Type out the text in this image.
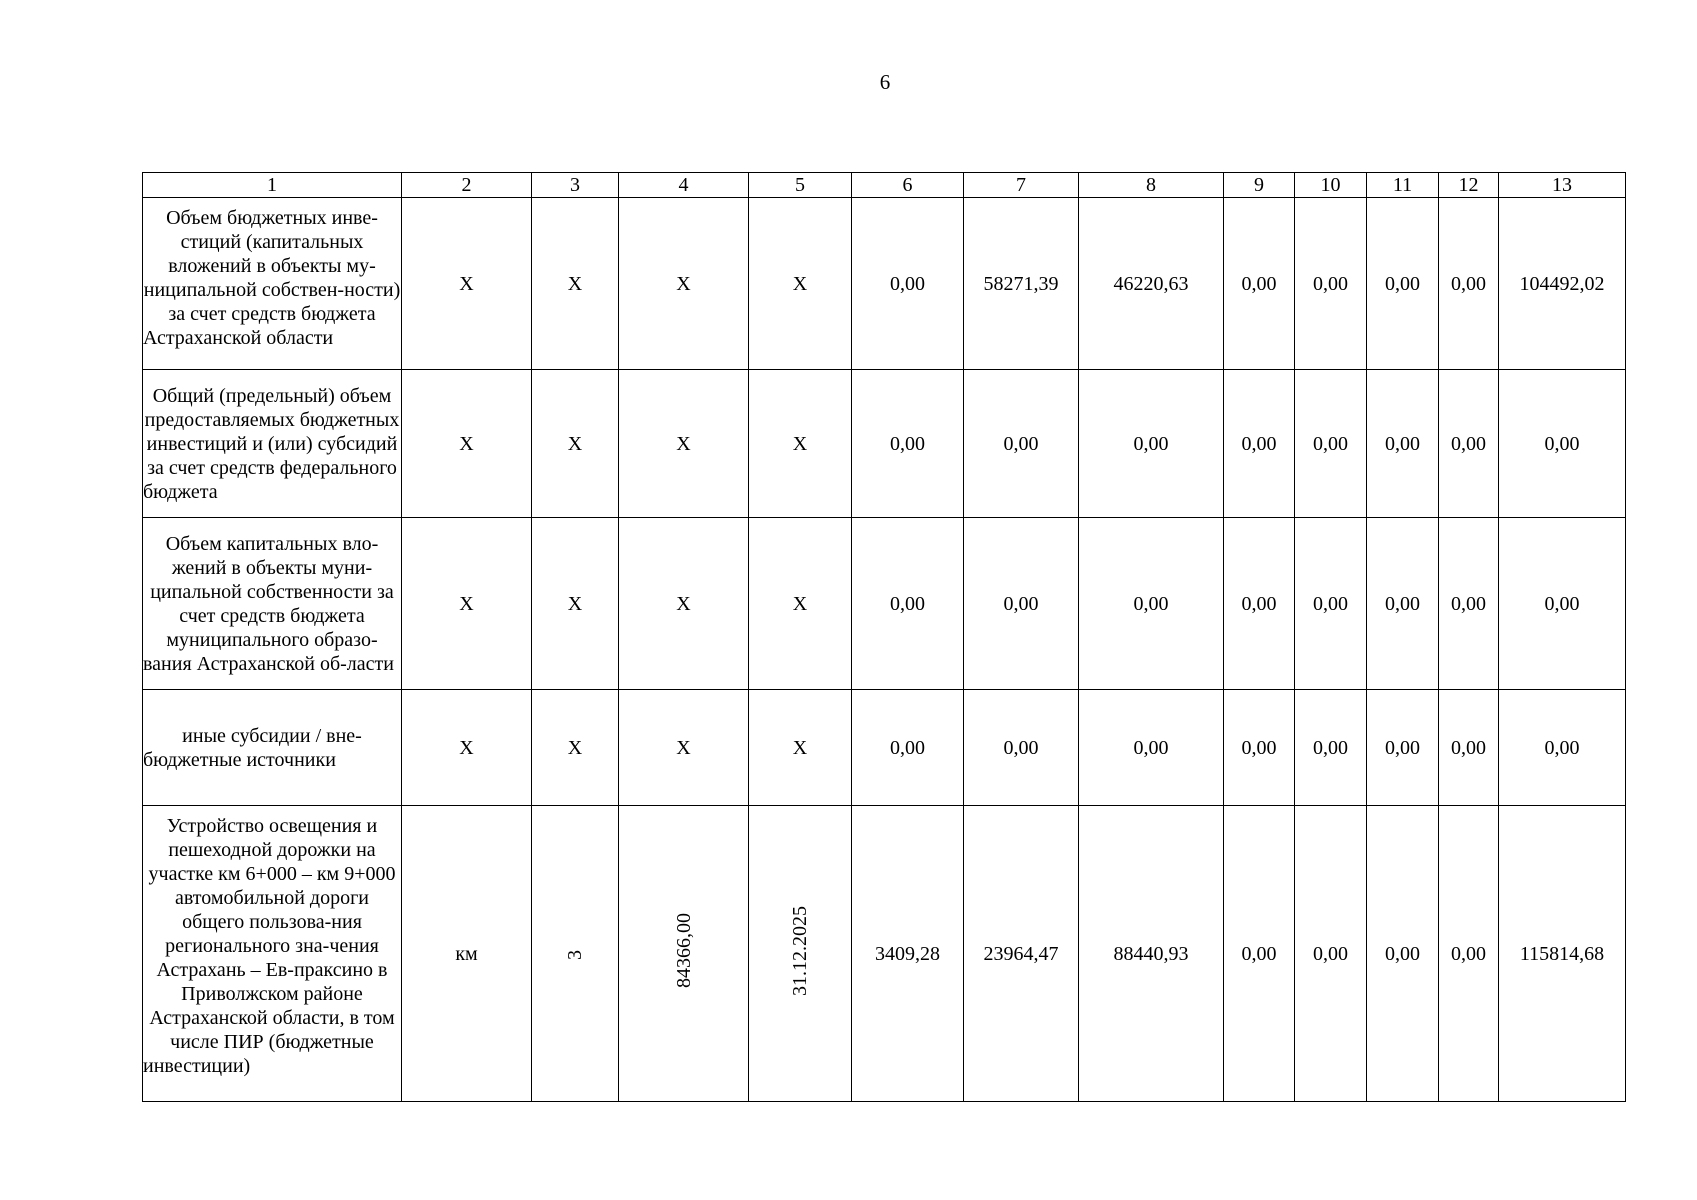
6
1	2	3	4	5	6	7	8	9	10	11	12	13

Объем бюджетных инве-стиций (капитальных вложений в объекты му-ниципальной собствен-ности) за счет средств бюджета Астраханской области	X	X	X	X	0,00	58271,39	46220,63	0,00	0,00	0,00	0,00	104492,02

Общий (предельный) объем предоставляемых бюджетных инвестиций и (или) субсидий за счет средств федерального бюджета	X	X	X	X	0,00	0,00	0,00	0,00	0,00	0,00	0,00	0,00

Объем капитальных вло-жений в объекты муни-ципальной собственности за счет средств бюджета муниципального образо-вания Астраханской об-ласти	X	X	X	X	0,00	0,00	0,00	0,00	0,00	0,00	0,00	0,00

иные субсидии / вне-бюджетные источники	X	X	X	X	0,00	0,00	0,00	0,00	0,00	0,00	0,00	0,00

Устройство освещения и пешеходной дорожки на участке км 6+000 – км 9+000 автомобильной дороги общего пользова-ния регионального зна-чения Астрахань – Ев-праксино в Приволжском районе Астраханской области, в том числе ПИР (бюджетные инвестиции)	км	3	84366,00	31.12.2025	3409,28	23964,47	88440,93	0,00	0,00	0,00	0,00	115814,68
